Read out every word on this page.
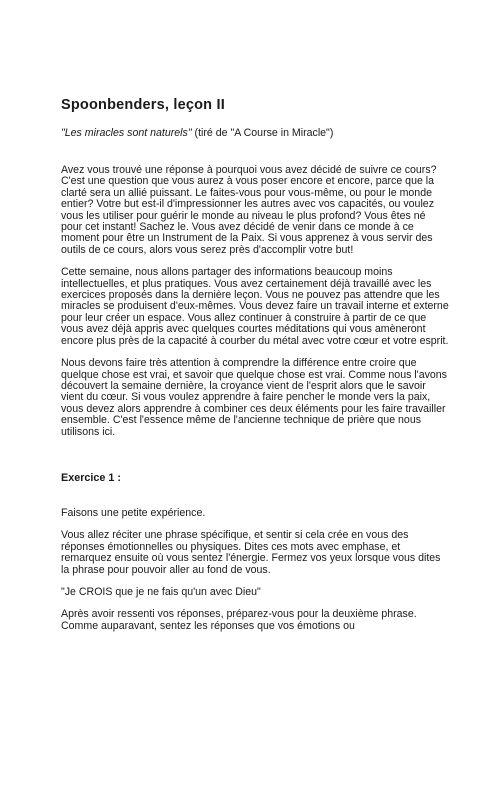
Spoonbenders, leçon II
"Les miracles sont naturels" (tiré de "A Course in Miracle")

Avez vous trouvé une réponse à pourquoi vous avez décidé de suivre ce cours? C'est une question que vous aurez à vous poser encore et encore, parce que la clarté sera un allié puissant. Le faites-vous pour vous-même, ou pour le monde entier? Votre but est-il d'impressionner les autres avec vos capacités, ou voulez vous les utiliser pour guérir le monde au niveau le plus profond? Vous êtes né pour cet instant! Sachez le. Vous avez décidé de venir dans ce monde à ce moment pour être un Instrument de la Paix. Si vous apprenez à vous servir des outils de ce cours, alors vous serez près d'accomplir votre but!

Cette semaine, nous allons partager des informations beaucoup moins intellectuelles, et plus pratiques. Vous avez certainement déjà travaillé avec les exercices proposés dans la dernière leçon. Vous ne pouvez pas attendre que les miracles se produisent d'eux-mêmes. Vous devez faire un travail interne et externe pour leur créer un espace. Vous allez continuer à construire à partir de ce que vous avez déjà appris avec quelques courtes méditations qui vous amèneront encore plus près de la capacité à courber du métal avec votre cœur et votre esprit.

Nous devons faire très attention à comprendre la différence entre croire que quelque chose est vrai, et savoir que quelque chose est vrai. Comme nous l'avons découvert la semaine dernière, la croyance vient de l'esprit alors que le savoir vient du cœur. Si vous voulez apprendre à faire pencher le monde vers la paix, vous devez alors apprendre à combiner ces deux éléments pour les faire travailler ensemble. C'est l'essence même de l'ancienne technique de prière que nous utilisons ici.

Exercice 1 :

Faisons une petite expérience.

Vous allez réciter une phrase spécifique, et sentir si cela crée en vous des réponses émotionnelles ou physiques. Dites ces mots avec emphase, et remarquez ensuite où vous sentez l'énergie. Fermez vos yeux lorsque vous dites la phrase pour pouvoir aller au fond de vous.

"Je CROIS que je ne fais qu'un avec Dieu"

Après avoir ressenti vos réponses, préparez-vous pour la deuxième phrase. Comme auparavant, sentez les réponses que vos émotions ou
